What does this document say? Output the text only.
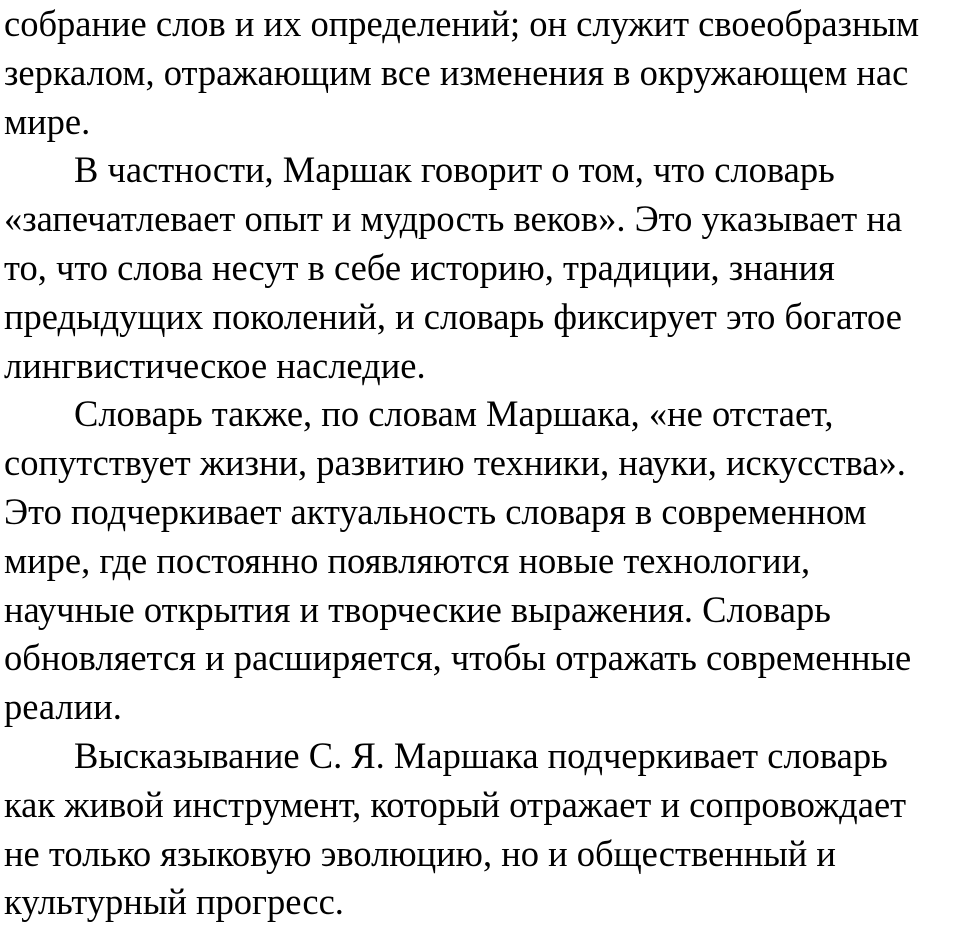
собрание слов и их определений; он служит своеобразным
зеркалом, отражающим все изменения в окружающем нас
мире.
В частности, Маршак говорит о том, что словарь
«запечатлевает опыт и мудрость веков». Это указывает на
то, что слова несут в себе историю, традиции, знания
предыдущих поколений, и словарь фиксирует это богатое
лингвистическое наследие.
Словарь также, по словам Маршака, «не отстает,
сопутствует жизни, развитию техники, науки, искусства».
Это подчеркивает актуальность словаря в современном
мире, где постоянно появляются новые технологии,
научные открытия и творческие выражения. Словарь
обновляется и расширяется, чтобы отражать современные
реалии.
Высказывание С. Я. Маршака подчеркивает словарь
как живой инструмент, который отражает и сопровождает
не только языковую эволюцию, но и общественный и
культурный прогресс.
